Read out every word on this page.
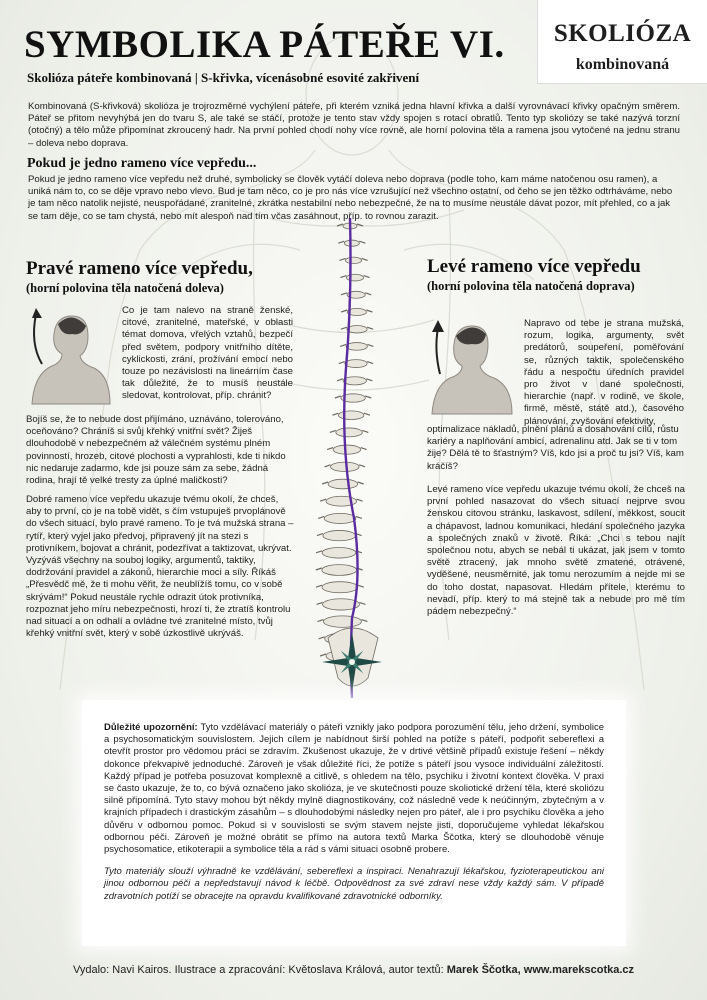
SYMBOLIKA PÁTEŘE VI.
Skolióza páteře kombinovaná | S-křivka, vícenásobné esovité zakřivení
SKOLIÓZA
kombinovaná

Kombinovaná (S-křivková) skolióza je trojrozměrné vychýlení páteře, při kterém vzniká jedna hlavní křivka a další vyrovnávací křivky opačným směrem. Páteř se přitom nevyhýbá jen do tvaru S, ale také se stáčí, protože je tento stav vždy spojen s rotací obratlů. Tento typ skoliózy se také nazývá torzní (otočný) a tělo může připomínat zkroucený hadr. Na první pohled chodí nohy více rovně, ale horní polovina těla a ramena jsou vytočené na jednu stranu – doleva nebo doprava.

Pokud je jedno rameno více vepředu...

Pokud je jedno rameno více vepředu než druhé, symbolicky se člověk vytáčí doleva nebo doprava (podle toho, kam máme natočenou osu ramen), a uniká nám to, co se děje vpravo nebo vlevo. Bud je tam něco, co je pro nás více vzrušující než všechno ostatní, od čeho se jen těžko odtrháváme, nebo je tam něco natolik nejisté, neuspořádané, zranitelné, zkrátka nestabilní nebo nebezpečné, že na to musíme neustále dávat pozor, mít přehled, co a jak se tam děje, co se tam chystá, nebo mít alespoň nad tím včas zasáhnout, příp. to rovnou zarazit.

Pravé rameno více vepředu,
(horní polovina těla natočená doleva)

Co je tam nalevo na straně ženské, citové, zranitelné, mateřské, v oblasti témat domova, vřelých vztahů, bezpečí před světem, podpory vnitřního dítěte, cyklickosti, zrání, prožívání emocí nebo touze po nezávislosti na lineárním čase tak důležité, že to musíš neustále sledovat, kontrolovat, příp. chránit?

Bojíš se, že to nebude dost přijímáno, uznáváno, tolerováno, oceňováno? Chráníš si svůj křehký vnitřní svět? Žiješ dlouhodobě v nebezpečném až válečném systému plném povinností, hrozeb, citové plochosti a vyprahlosti, kde ti nikdo nic nedaruje zadarmo, kde jsi pouze sám za sebe, žádná rodina, hrají tě velké tresty za úplné maličkosti?

Dobré rameno více vepředu ukazuje tvému okolí, že chceš, aby to první, co je na tobě vidět, s čím vstupuješ prvoplánově do všech situací, bylo pravé rameno. To je tvá mužská strana – rytíř, který vyjel jako předvoj, připravený jít na stezi s protivníkem, bojovat a chránit, podezřívat a taktizovat, ukrývat. Vyzýváš všechny na souboj logiky, argumentů, taktiky, dodržování pravidel a zákonů, hierarchie moci a síly. Říkáš „Přesvědč mě, že ti mohu věřit, že neublížíš tomu, co v sobě skrývám!“ Pokud neustále rychle odrazit útok protivníka, rozpoznat jeho míru nebezpečnosti, hrozí ti, že ztratíš kontrolu nad situací a on odhalí a ovládne tvé zranitelné místo, tvůj křehký vnitřní svět, který v sobě úzkostlivě ukrýváš.

Levé rameno více vepředu
(horní polovina těla natočená doprava)

Napravo od tebe je strana mužská, rozum, logika, argumenty, svět predátorů, soupeření, poměřování se, různých taktik, společenského řádu a nespočtu úředních pravidel pro život v dané společnosti, hierarchie (např. v rodině, ve škole, firmě, městě, státě atd.), časového plánování, zvyšování efektivity,

optimalizace nákladů, plnění plánů a dosahování cílů, růstu kariéry a naplňování ambicí, adrenalinu atd. Jak se ti v tom žije? Dělá tě to šťastným? Víš, kdo jsi a proč tu jsi? Víš, kam kráčíš?

Levé rameno více vepředu ukazuje tvému okolí, že chceš na první pohled nasazovat do všech situací nejprve svou ženskou citovou stránku, laskavost, sdílení, měkkost, soucit a chápavost, ladnou komunikaci, hledání společného jazyka a společných znaků v životě. Říká: „Chci s tebou najít společnou notu, abych se nebál ti ukázat, jak jsem v tomto světě ztracený, jak mnoho světě zmatené, otrávené, vyděšené, neusměrnité, jak tomu nerozumím a nejde mi se do toho dostat, napasovat. Hledám přítele, kterému to nevadí, příp. který to má stejně tak a nebude pro mě tím pádem nebezpečný.“

Důležité upozornění: Tyto vzdělávací materiály o páteři vznikly jako podpora porozumění tělu, jeho držení, symbolice a psychosomatickým souvislostem. Jejich cílem je nabídnout širší pohled na potíže s páteří, podpořit sebereflexi a otevřít prostor pro vědomou práci se zdravím. Zkušenost ukazuje, že v drtivé většině případů existuje řešení – někdy dokonce překvapivě jednoduché. Zároveň je však důležité říci, že potíže s páteří jsou vysoce individuální záležitostí. Každý případ je potřeba posuzovat komplexně a citlivě, s ohledem na tělo, psychiku i životní kontext člověka. V praxi se často ukazuje, že to, co bývá označeno jako skolióza, je ve skutečnosti pouze skoliotické držení těla, které skoliózu silně připomíná. Tyto stavy mohou být někdy mylně diagnostikovány, což následně vede k neúčinným, zbytečným a v krajních případech i drastickým zásahům – s dlouhodobými následky nejen pro páteř, ale i pro psychiku člověka a jeho důvěru v odbornou pomoc. Pokud si v souvislosti se svým stavem nejste jisti, doporučujeme vyhledat lékařskou odbornou péči. Zároveň je možné obrátit se přímo na autora textů Marka Ščotka, který se dlouhodobě věnuje psychosomatice, etikoterapii a symbolice těla a rád s vámi situaci osobně probere.

Tyto materiály slouží výhradně ke vzdělávání, sebereflexi a inspiraci. Nenahrazují lékařskou, fyzioterapeutickou ani jinou odbornou péči a nepředstavují návod k léčbě. Odpovědnost za své zdraví nese vždy každý sám. V případě zdravotních potíží se obracejte na opravdu kvalifikované zdravotnické odborníky.

Vydalo: Navi Kairos. Ilustrace a zpracování: Květoslava Králová, autor textů: Marek Ščotka, www.marekscotka.cz
